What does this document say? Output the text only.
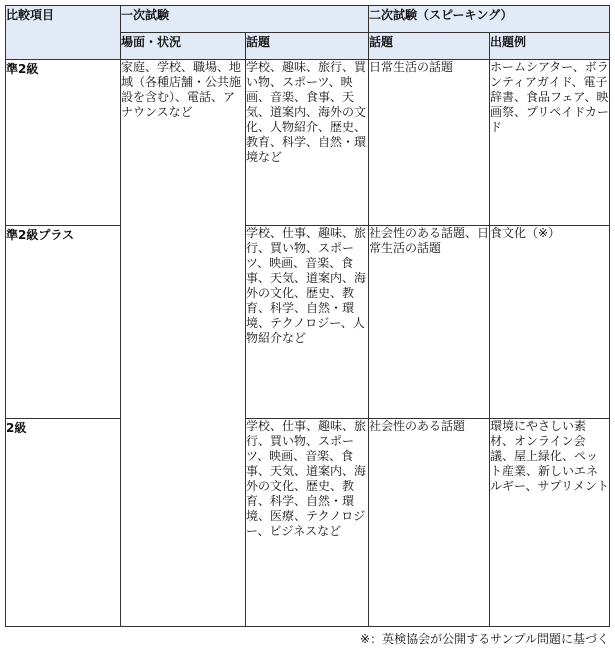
比較項目	一次試験		二次試験（スピーキング）	
	場面・状況	話題	話題	出題例
準2級	家庭、学校、職場、地域（各種店舗・公共施設を含む）、電話、アナウンスなど	学校、趣味、旅行、買い物、スポーツ、映画、音楽、食事、天気、道案内、海外の文化、人物紹介、歴史、教育、科学、自然・環境など	日常生活の話題	ホームシアター、ボランティアガイド、電子辞書、食品フェア、映画祭、プリペイドカード
準2級プラス		学校、仕事、趣味、旅行、買い物、スポーツ、映画、音楽、食事、天気、道案内、海外の文化、歴史、教育、科学、自然・環境、テクノロジー、人物紹介など	社会性のある話題、日常生活の話題	食文化（※）
2級		学校、仕事、趣味、旅行、買い物、スポーツ、映画、音楽、食事、天気、道案内、海外の文化、歴史、教育、科学、自然・環境、医療、テクノロジー、ビジネスなど	社会性のある話題	環境にやさしい素材、オンライン会議、屋上緑化、ペット産業、新しいエネルギー、サプリメント
※：英検協会が公開するサンプル問題に基づく
